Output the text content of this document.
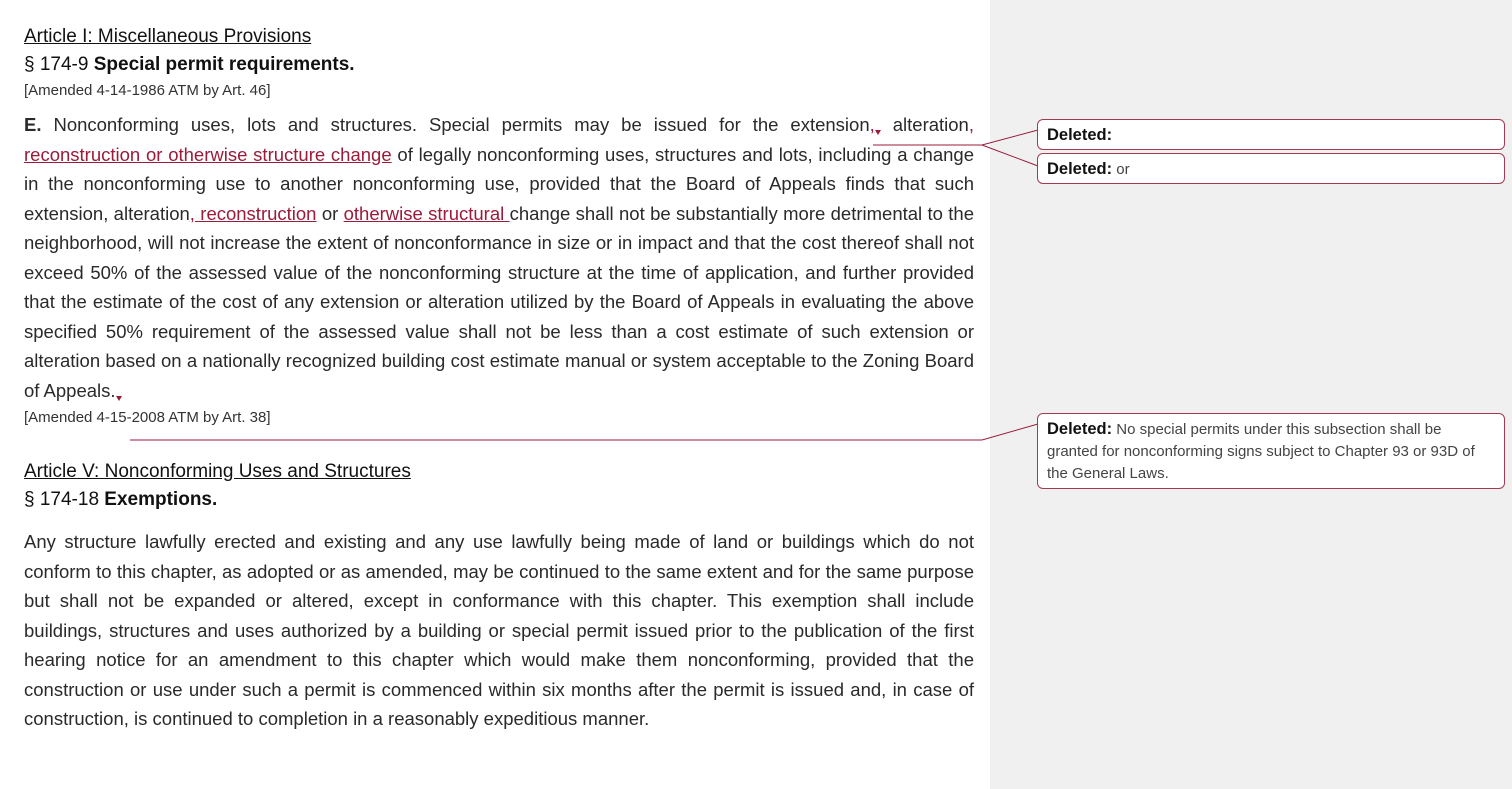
Article I: Miscellaneous Provisions

§ 174-9 Special permit requirements.

[Amended 4-14-1986 ATM by Art. 46]

E. Nonconforming uses, lots and structures. Special permits may be issued for the extension, alteration, reconstruction or otherwise structure change of legally nonconforming uses, structures and lots, including a change in the nonconforming use to another nonconforming use, provided that the Board of Appeals finds that such extension, alteration, reconstruction or otherwise structural change shall not be substantially more detrimental to the neighborhood, will not increase the extent of nonconformance in size or in impact and that the cost thereof shall not exceed 50% of the assessed value of the nonconforming structure at the time of application, and further provided that the estimate of the cost of any extension or alteration utilized by the Board of Appeals in evaluating the above specified 50% requirement of the assessed value shall not be less than a cost estimate of such extension or alteration based on a nationally recognized building cost estimate manual or system acceptable to the Zoning Board of Appeals.

[Amended 4-15-2008 ATM by Art. 38]

Article V: Nonconforming Uses and Structures

§ 174-18 Exemptions.

Any structure lawfully erected and existing and any use lawfully being made of land or buildings which do not conform to this chapter, as adopted or as amended, may be continued to the same extent and for the same purpose but shall not be expanded or altered, except in conformance with this chapter. This exemption shall include buildings, structures and uses authorized by a building or special permit issued prior to the publication of the first hearing notice for an amendment to this chapter which would make them nonconforming, provided that the construction or use under such a permit is commenced within six months after the permit is issued and, in case of construction, is continued to completion in a reasonably expeditious manner.

Deleted:
Deleted: or
Deleted: No special permits under this subsection shall be granted for nonconforming signs subject to Chapter 93 or 93D of the General Laws.
